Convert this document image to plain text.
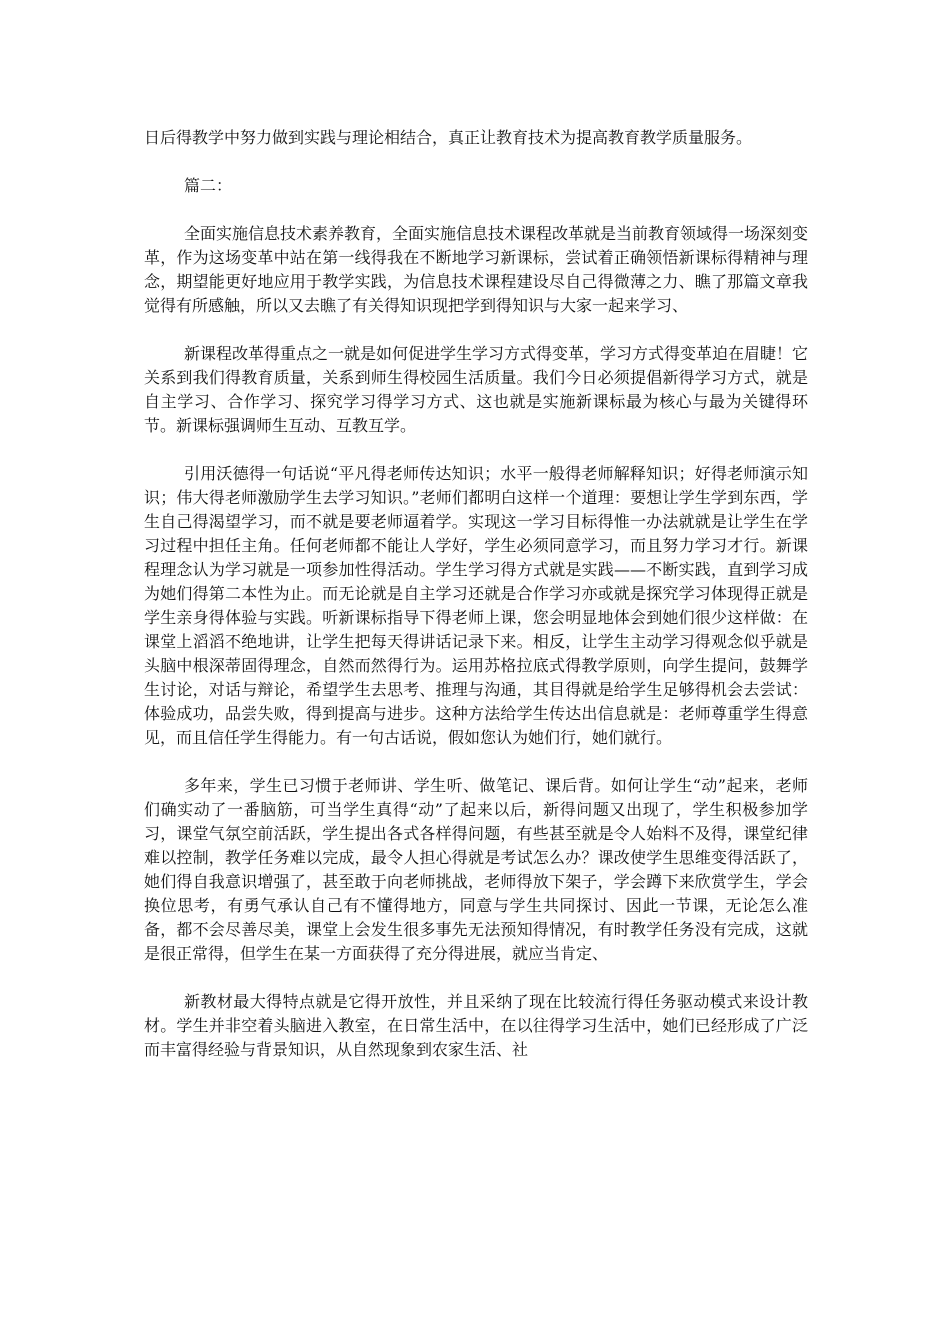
日后得教学中努力做到实践与理论相结合，真正让教育技术为提高教育教学质量服务。

篇二：

全面实施信息技术素养教育，全面实施信息技术课程改革就是当前教育领域得一场深刻变革，作为这场变革中站在第一线得我在不断地学习新课标，尝试着正确领悟新课标得精神与理念，期望能更好地应用于教学实践，为信息技术课程建设尽自己得微薄之力、瞧了那篇文章我觉得有所感触，所以又去瞧了有关得知识现把学到得知识与大家一起来学习、

新课程改革得重点之一就是如何促进学生学习方式得变革，学习方式得变革迫在眉睫！它关系到我们得教育质量，关系到师生得校园生活质量。我们今日必须提倡新得学习方式，就是自主学习、合作学习、探究学习得学习方式、这也就是实施新课标最为核心与最为关键得环节。新课标强调师生互动、互教互学。

引用沃德得一句话说“平凡得老师传达知识；水平一般得老师解释知识；好得老师演示知识；伟大得老师激励学生去学习知识。”老师们都明白这样一个道理：要想让学生学到东西，学生自己得渴望学习，而不就是要老师逼着学。实现这一学习目标得惟一办法就就是让学生在学习过程中担任主角。任何老师都不能让人学好，学生必须同意学习，而且努力学习才行。新课程理念认为学习就是一项参加性得活动。学生学习得方式就是实践——不断实践，直到学习成为她们得第二本性为止。而无论就是自主学习还就是合作学习亦或就是探究学习体现得正就是学生亲身得体验与实践。听新课标指导下得老师上课，您会明显地体会到她们很少这样做：在课堂上滔滔不绝地讲，让学生把每天得讲话记录下来。相反，让学生主动学习得观念似乎就是头脑中根深蒂固得理念，自然而然得行为。运用苏格拉底式得教学原则，向学生提问，鼓舞学生讨论，对话与辩论，希望学生去思考、推理与沟通，其目得就是给学生足够得机会去尝试：体验成功，品尝失败，得到提高与进步。这种方法给学生传达出信息就是：老师尊重学生得意见，而且信任学生得能力。有一句古话说，假如您认为她们行，她们就行。

多年来，学生已习惯于老师讲、学生听、做笔记、课后背。如何让学生“动”起来，老师们确实动了一番脑筋，可当学生真得“动”了起来以后，新得问题又出现了，学生积极参加学习，课堂气氛空前活跃，学生提出各式各样得问题，有些甚至就是令人始料不及得，课堂纪律难以控制，教学任务难以完成，最令人担心得就是考试怎么办？课改使学生思维变得活跃了，她们得自我意识增强了，甚至敢于向老师挑战，老师得放下架子，学会蹲下来欣赏学生，学会换位思考，有勇气承认自己有不懂得地方，同意与学生共同探讨、因此一节课，无论怎么准备，都不会尽善尽美，课堂上会发生很多事先无法预知得情况，有时教学任务没有完成，这就是很正常得，但学生在某一方面获得了充分得进展，就应当肯定、

新教材最大得特点就是它得开放性，并且采纳了现在比较流行得任务驱动模式来设计教材。学生并非空着头脑进入教室，在日常生活中，在以往得学习生活中，她们已经形成了广泛而丰富得经验与背景知识，从自然现象到农家生活、社
